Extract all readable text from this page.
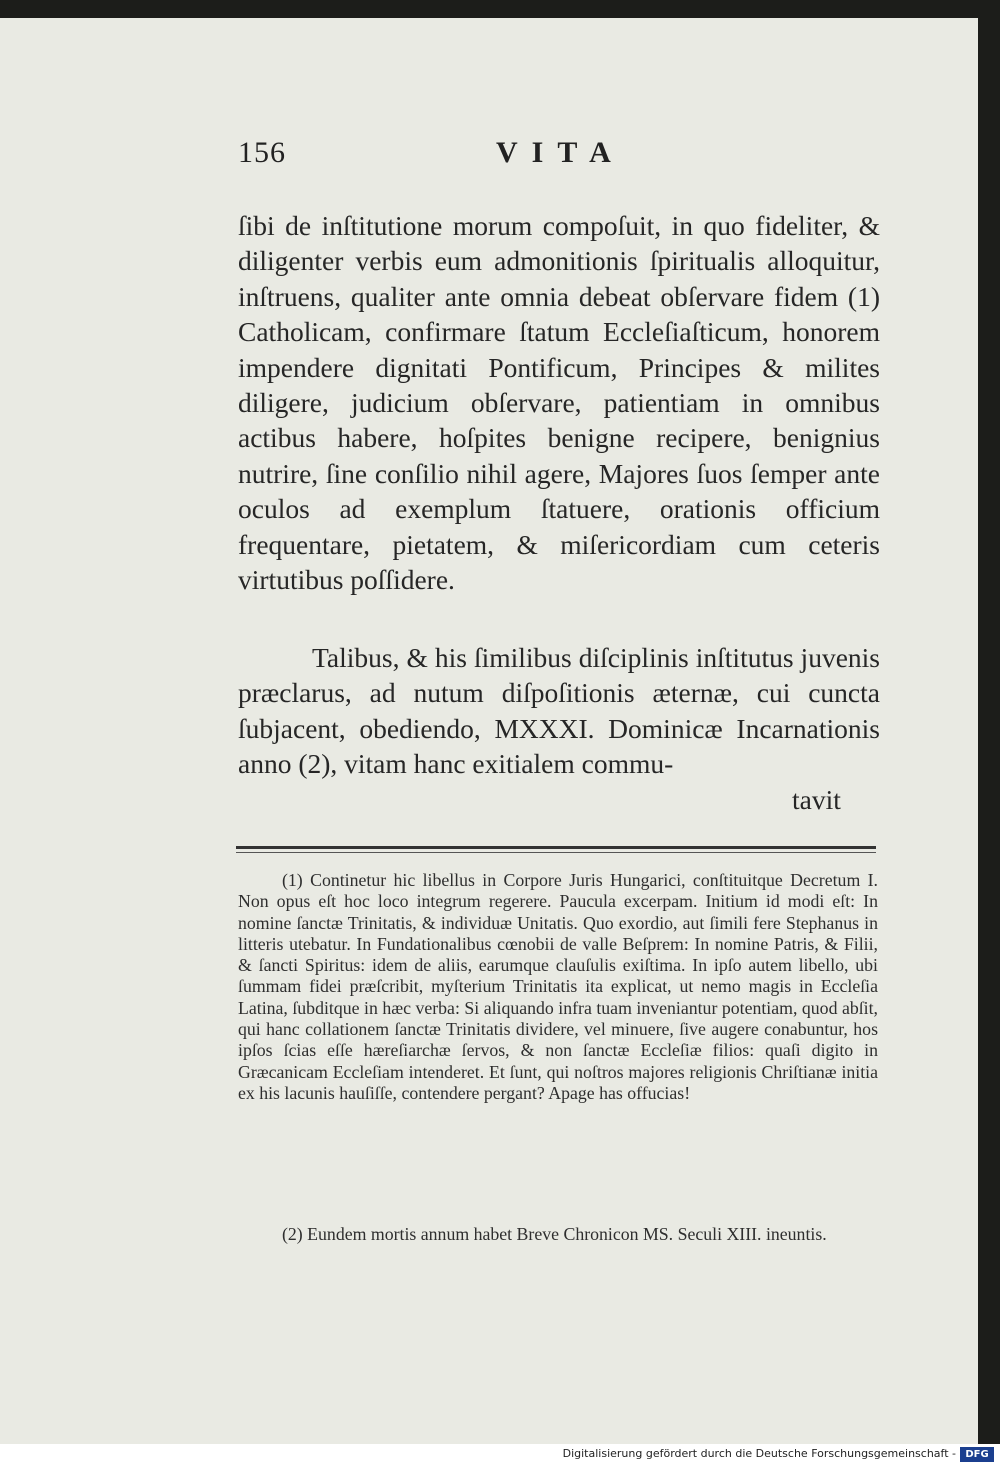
156	VITA

ſibi de inſtitutione morum compoſuit, in quo fideliter, & diligenter verbis eum admonitionis ſpiritualis alloquitur, inſtruens, qualiter ante omnia debeat obſervare fidem (1) Catholicam, confirmare ſtatum Eccleſiaſticum, honorem impendere dignitati Pontificum, Principes & milites diligere, judicium obſervare, patientiam in omnibus actibus habere, hoſpites benigne recipere, benignius nutrire, ſine conſilio nihil agere, Majores ſuos ſemper ante oculos ad exemplum ſtatuere, orationis officium frequentare, pietatem, & miſericordiam cum ceteris virtutibus poſſidere.

Talibus, & his ſimilibus diſciplinis inſtitutus juvenis præclarus, ad nutum diſpoſitionis æternæ, cui cuncta ſubjacent, obediendo, MXXXI. Dominicæ Incarnationis anno (2), vitam hanc exitialem commu-

tavit

(1) Continetur hic libellus in Corpore Juris Hungarici, conſtituitque Decretum I. Non opus eſt hoc loco integrum regerere. Paucula excerpam. Initium id modi eſt: In nomine ſanctæ Trinitatis, & individuæ Unitatis. Quo exordio, aut ſimili fere Stephanus in litteris utebatur. In Fundationalibus cœnobii de valle Beſprem: In nomine Patris, & Filii, & ſancti Spiritus: idem de aliis, earumque clauſulis exiſtima. In ipſo autem libello, ubi ſummam fidei præſcribit, myſterium Trinitatis ita explicat, ut nemo magis in Eccleſia Latina, ſubditque in hæc verba: Si aliquando infra tuam inveniantur potentiam, quod abſit, qui hanc collationem ſanctæ Trinitatis dividere, vel minuere, ſive augere conabuntur, hos ipſos ſcias eſſe hæreſiarchæ ſervos, & non ſanctæ Eccleſiæ filios: quaſi digito in Græcanicam Eccleſiam intenderet. Et ſunt, qui noſtros majores religionis Chriſtianæ initia ex his lacunis hauſiſſe, contendere pergant? Apage has offucias!

(2) Eundem mortis annum habet Breve Chronicon MS. Seculi XIII. ineuntis.

Digitalisierung gefördert durch die Deutsche Forschungsgemeinschaft - DFG
